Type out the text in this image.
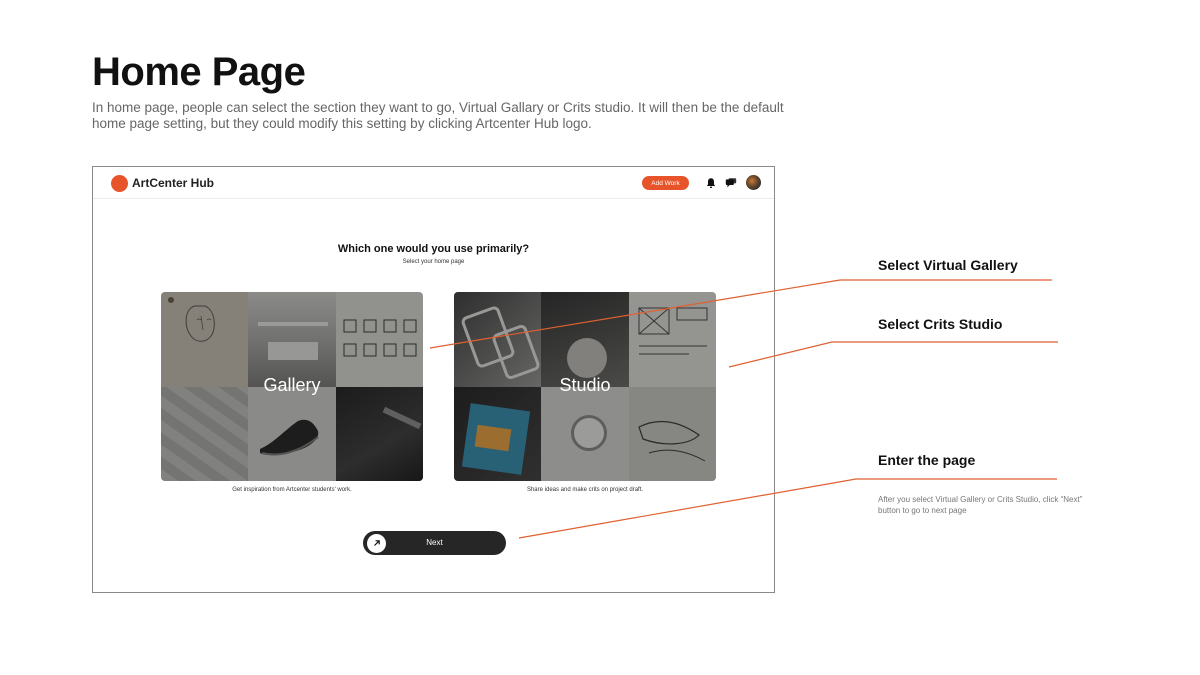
Home Page

In home page, people can select the section they want to go, Virtual Gallary or Crits studio. It will then be the default home page setting, but they could modify this setting by clicking Artcenter Hub logo.

ArtCenter Hub	Add Work

Which one would you use primarily?

Select your home page

Gallery	Studio
Get inspiration from Artcenter students' work.	Share ideas and make crits on project draft.
Next

Select Virtual Gallery

Select Crits Studio

Enter the page

After you select Virtual Gallery or Crits Studio, click “Next” button to go to next page
